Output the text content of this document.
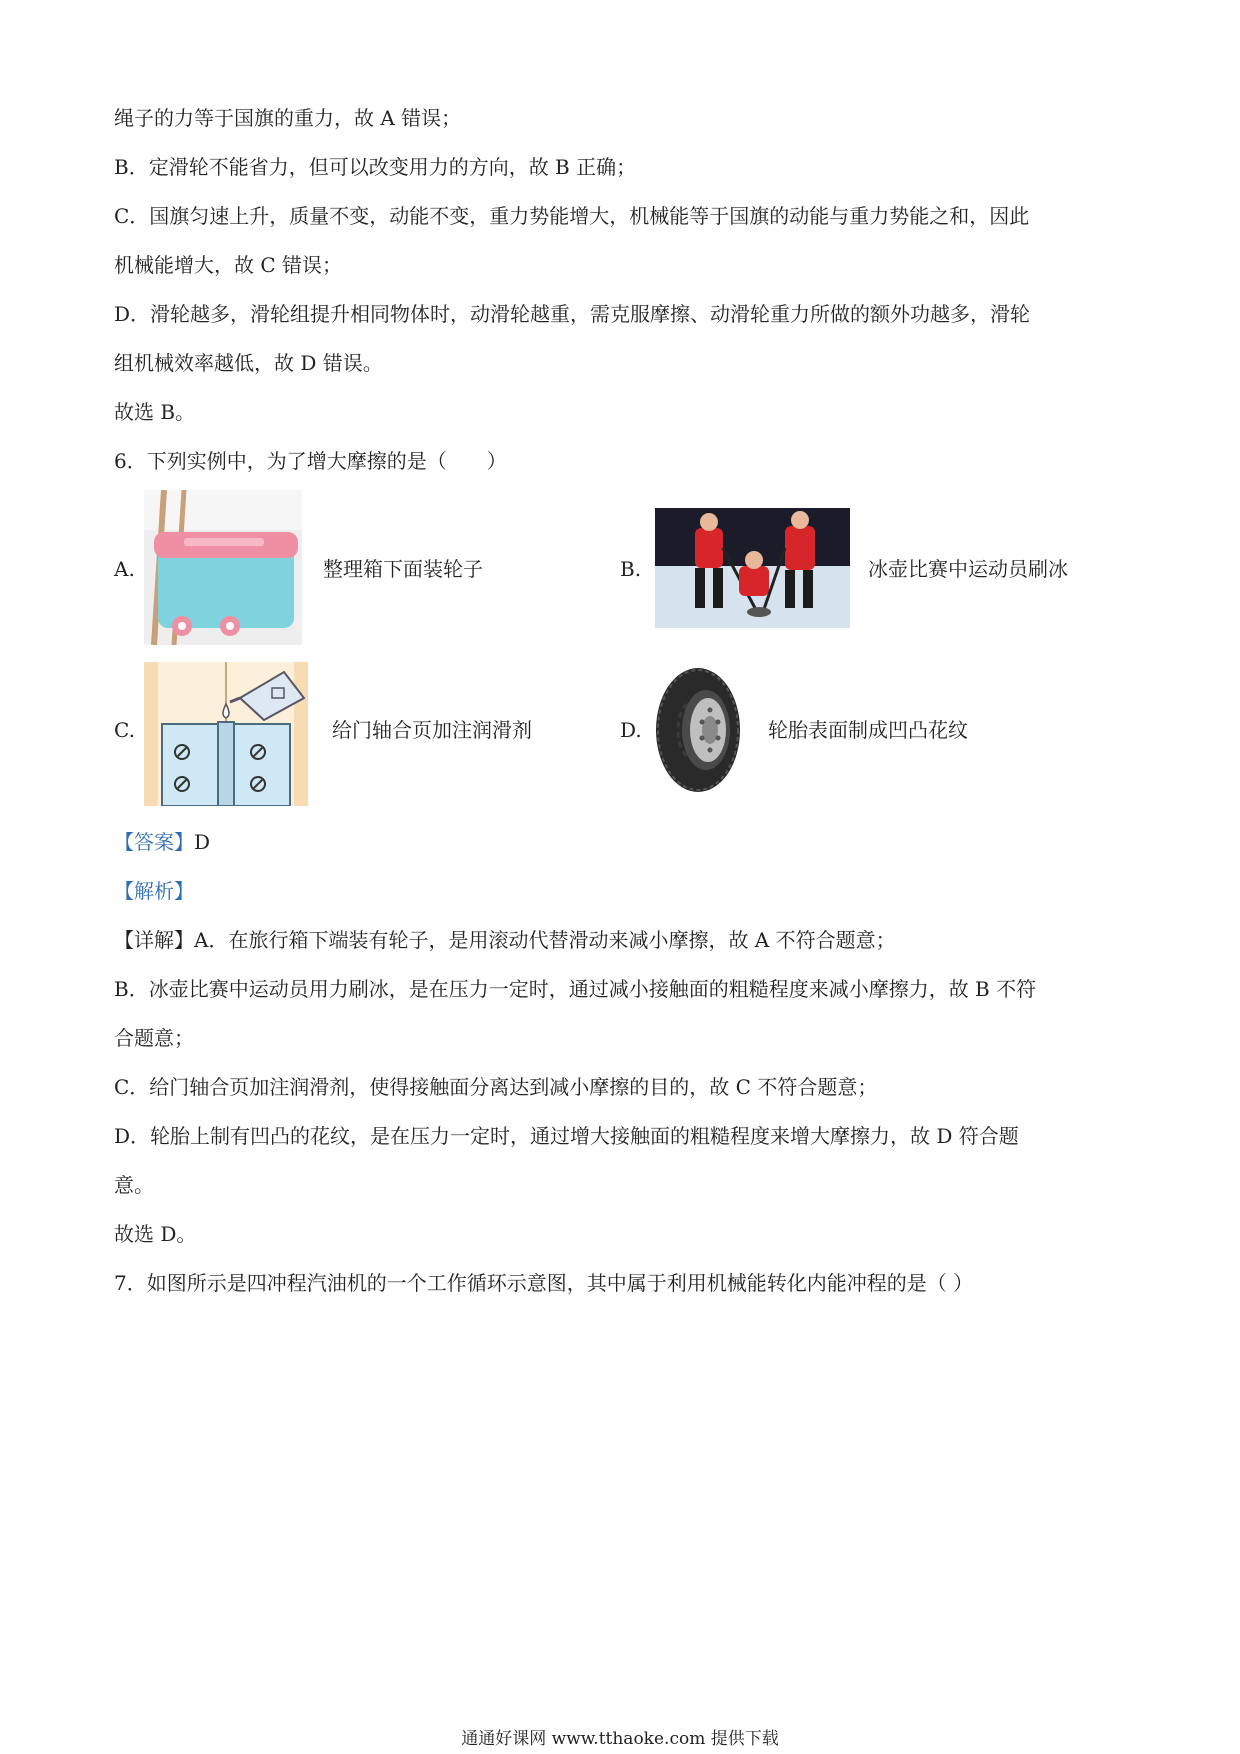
绳子的力等于国旗的重力，故 A 错误；
B．定滑轮不能省力，但可以改变用力的方向，故 B 正确；
C．国旗匀速上升，质量不变，动能不变，重力势能增大，机械能等于国旗的动能与重力势能之和，因此
机械能增大，故 C 错误；
D．滑轮越多，滑轮组提升相同物体时，动滑轮越重，需克服摩擦、动滑轮重力所做的额外功越多，滑轮
组机械效率越低，故 D 错误。
故选 B。
6．下列实例中，为了增大摩擦的是（　　）
A.	整理箱下面装轮子	B.	冰壶比赛中运动员刷冰
C.	给门轴合页加注润滑剂	D.	轮胎表面制成凹凸花纹
【答案】D
【解析】
【详解】A．在旅行箱下端装有轮子，是用滚动代替滑动来减小摩擦，故 A 不符合题意；
B．冰壶比赛中运动员用力刷冰，是在压力一定时，通过减小接触面的粗糙程度来减小摩擦力，故 B 不符
合题意；
C．给门轴合页加注润滑剂，使得接触面分离达到减小摩擦的目的，故 C 不符合题意；
D．轮胎上制有凹凸的花纹，是在压力一定时，通过增大接触面的粗糙程度来增大摩擦力，故 D 符合题
意。
故选 D。
7．如图所示是四冲程汽油机的一个工作循环示意图，其中属于利用机械能转化内能冲程的是（ ）
通通好课网 www.tthaoke.com 提供下载
